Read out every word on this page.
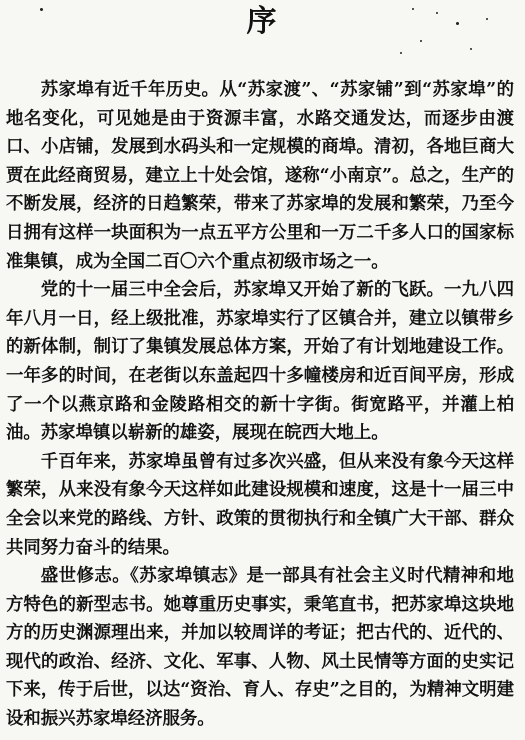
序

苏家埠有近千年历史。从“苏家渡”、“苏家铺”到“苏家埠”的地名变化，可见她是由于资源丰富，水路交通发达，而逐步由渡口、小店铺，发展到水码头和一定规模的商埠。清初，各地巨商大贾在此经商贸易，建立上十处会馆，遂称“小南京”。总之，生产的不断发展，经济的日趋繁荣，带来了苏家埠的发展和繁荣，乃至今日拥有这样一块面积为一点五平方公里和一万二千多人口的国家标准集镇，成为全国二百〇六个重点初级市场之一。

党的十一届三中全会后，苏家埠又开始了新的飞跃。一九八四年八月一日，经上级批准，苏家埠实行了区镇合并，建立以镇带乡的新体制，制订了集镇发展总体方案，开始了有计划地建设工作。一年多的时间，在老街以东盖起四十多幢楼房和近百间平房，形成了一个以燕京路和金陵路相交的新十字街。街宽路平，并灌上柏油。苏家埠镇以崭新的雄姿，展现在皖西大地上。

千百年来，苏家埠虽曾有过多次兴盛，但从来没有象今天这样繁荣，从来没有象今天这样如此建设规模和速度，这是十一届三中全会以来党的路线、方针、政策的贯彻执行和全镇广大干部、群众共同努力奋斗的结果。

盛世修志。《苏家埠镇志》是一部具有社会主义时代精神和地方特色的新型志书。她尊重历史事实，秉笔直书，把苏家埠这块地方的历史渊源理出来，并加以较周详的考证；把古代的、近代的、现代的政治、经济、文化、军事、人物、风土民情等方面的史实记下来，传于后世，以达“资治、育人、存史”之目的，为精神文明建设和振兴苏家埠经济服务。
